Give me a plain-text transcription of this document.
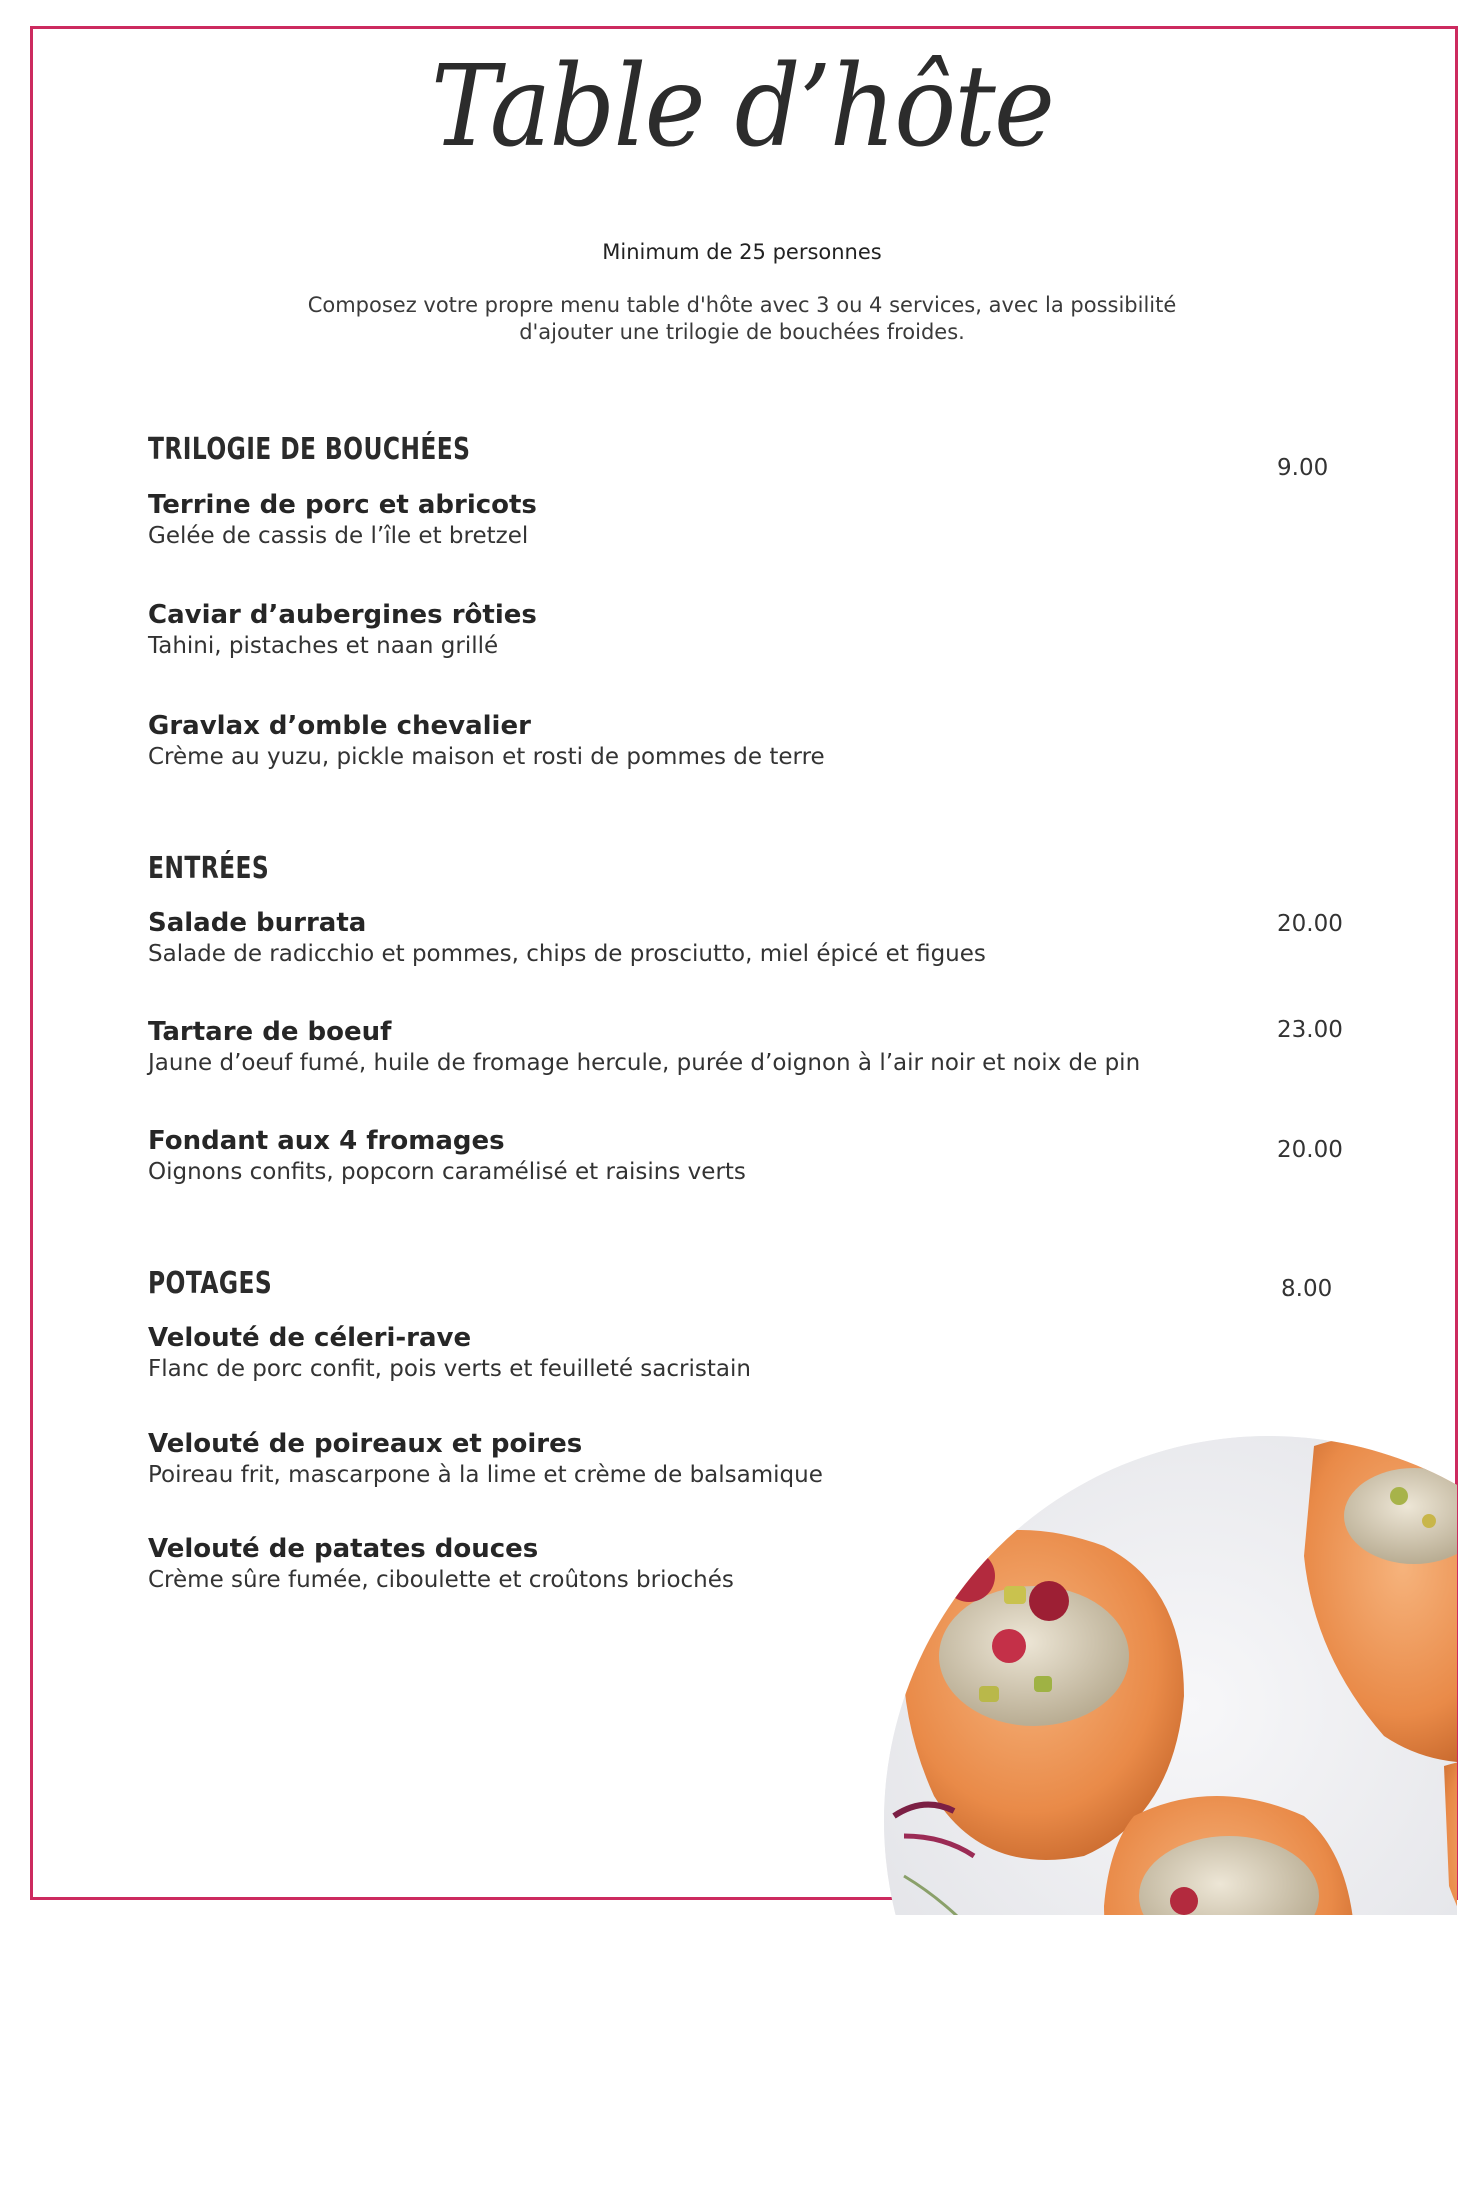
Table d’hôte
Minimum de 25 personnes
Composez votre propre menu table d'hôte avec 3 ou 4 services, avec la possibilité
d'ajouter une trilogie de bouchées froides.
TRILOGIE DE BOUCHÉES
9.00
Terrine de porc et abricots
Gelée de cassis de l’île et bretzel
Caviar d’aubergines rôties
Tahini, pistaches et naan grillé
Gravlax d’omble chevalier
Crème au yuzu, pickle maison et rosti de pommes de terre
ENTRÉES
Salade burrata
Salade de radicchio et pommes, chips de prosciutto, miel épicé et figues
20.00
Tartare de boeuf
Jaune d’oeuf fumé, huile de fromage hercule, purée d’oignon à l’air noir et noix de pin
23.00
Fondant aux 4 fromages
Oignons confits, popcorn caramélisé et raisins verts
20.00
POTAGES	8.00
Velouté de céleri-rave
Flanc de porc confit, pois verts et feuilleté sacristain
Velouté de poireaux et poires
Poireau frit, mascarpone à la lime et crème de balsamique
Velouté de patates douces
Crème sûre fumée, ciboulette et croûtons briochés
